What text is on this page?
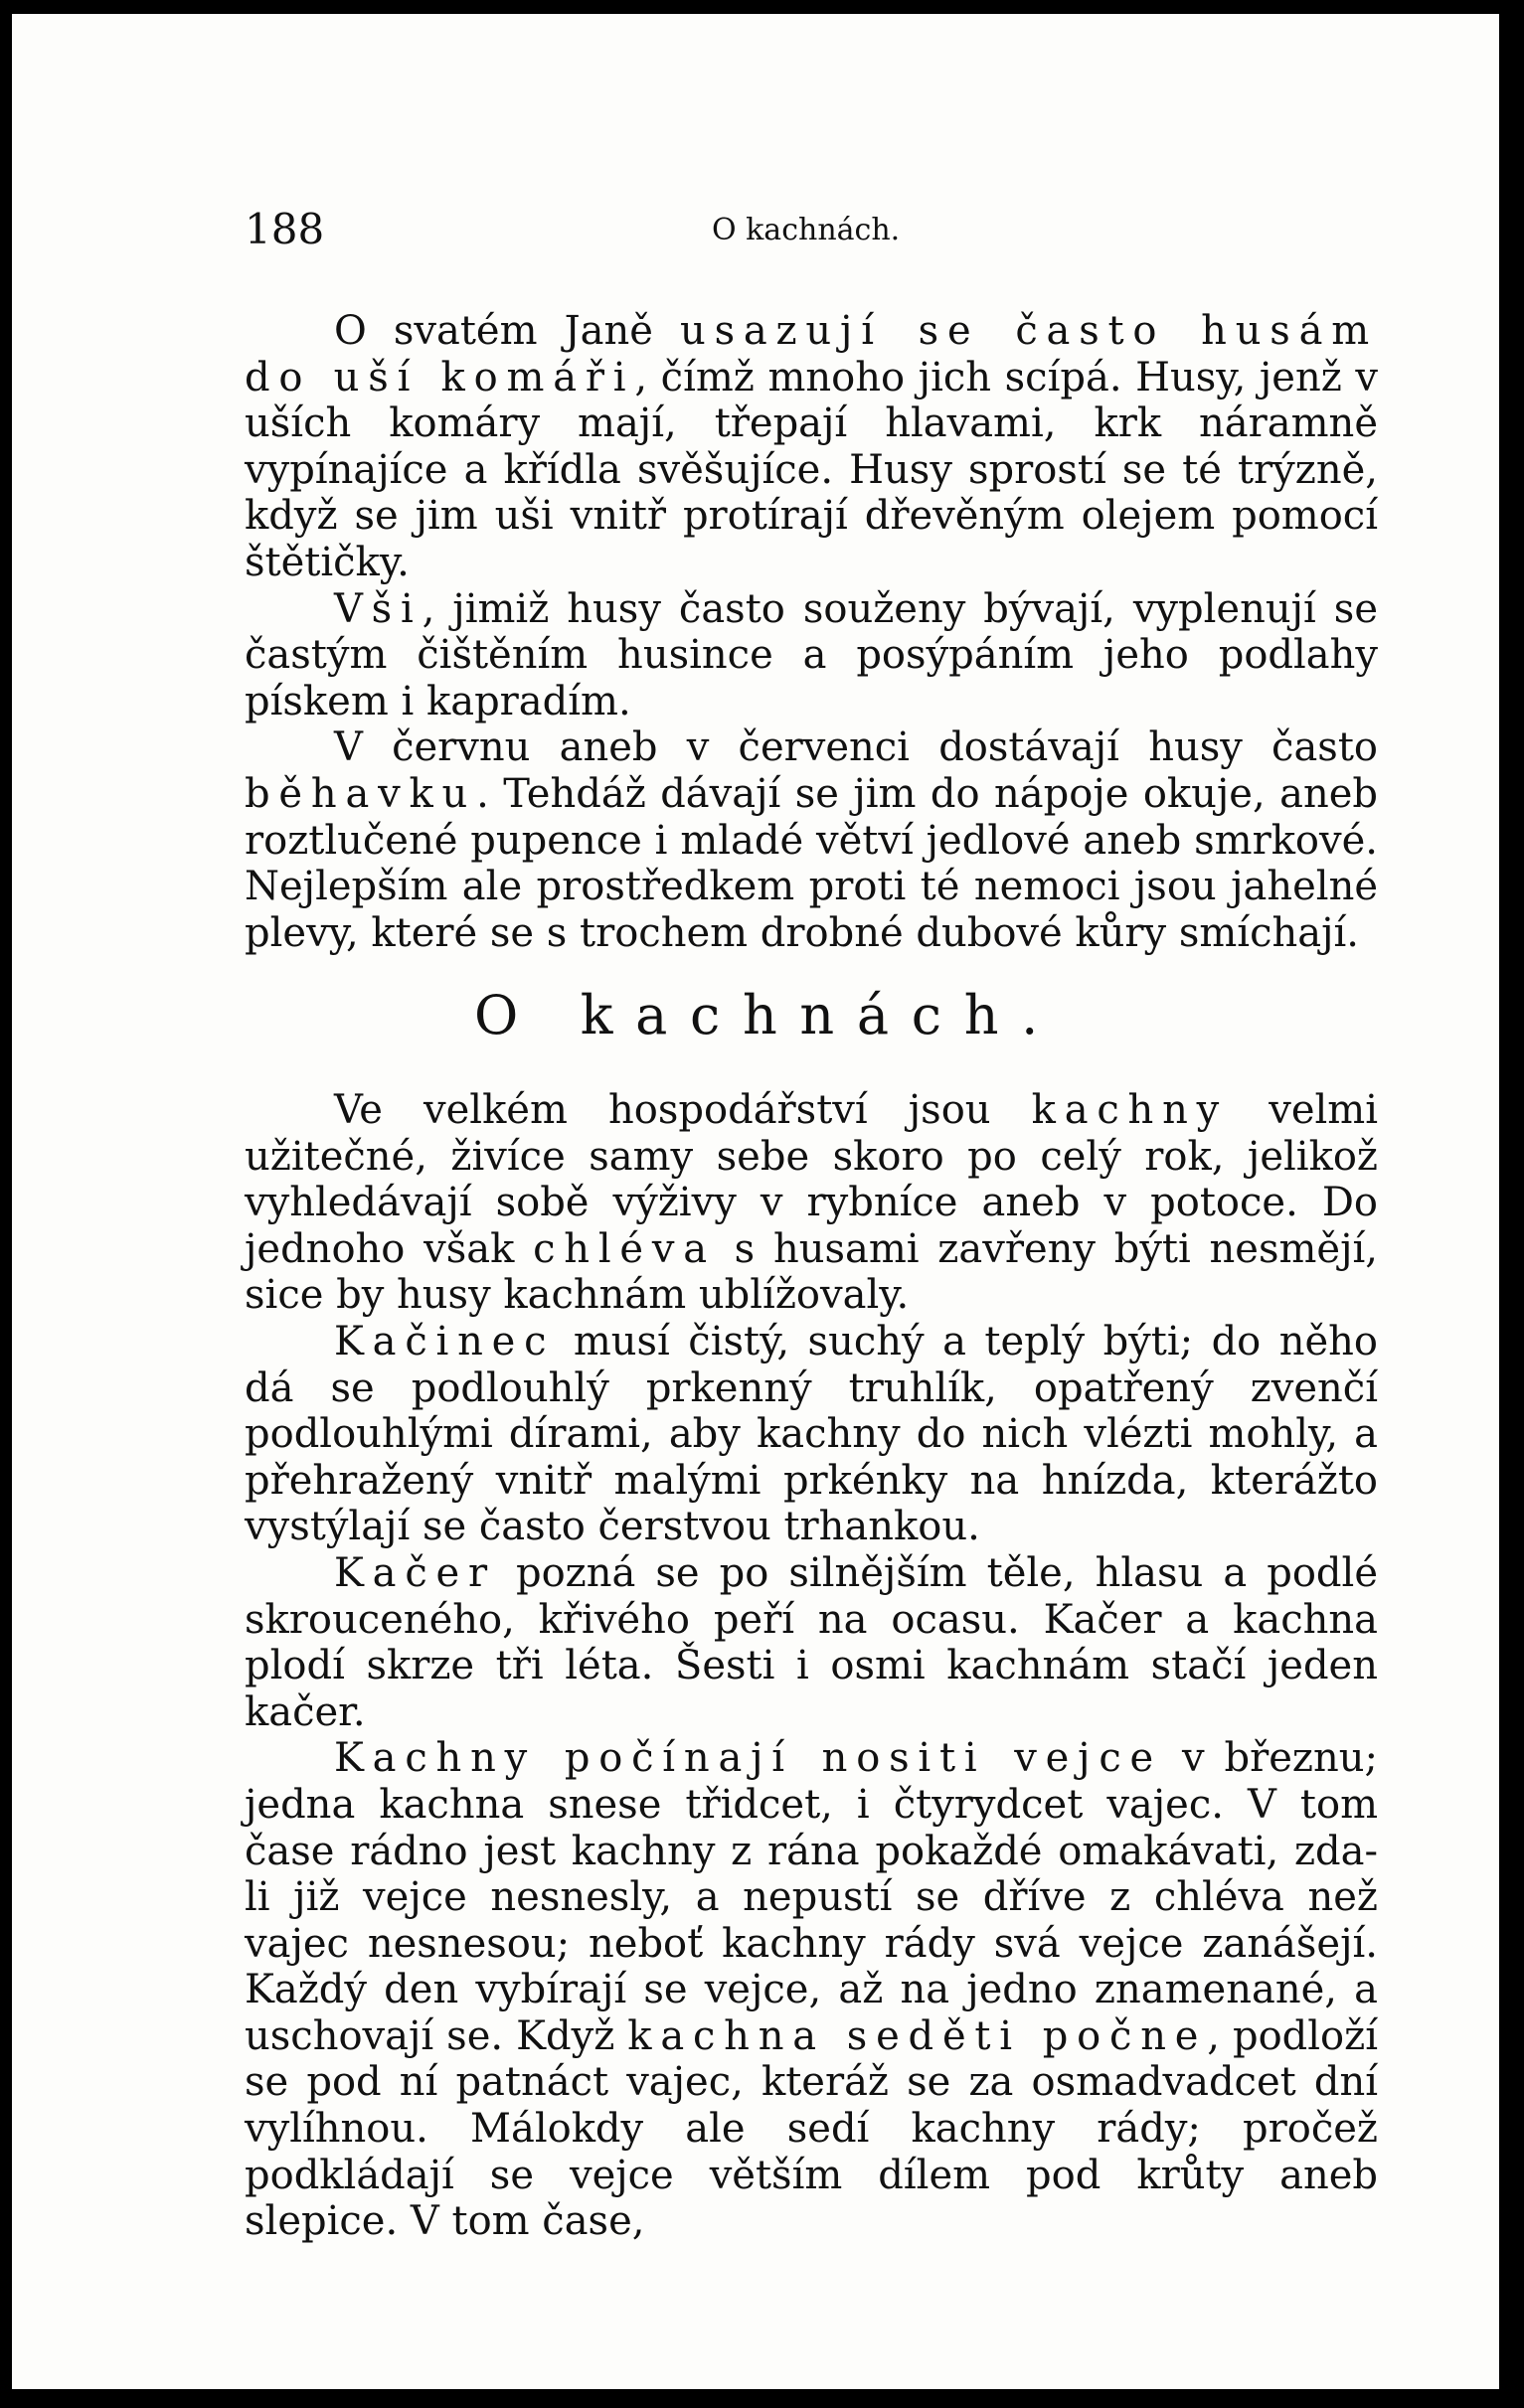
188	O kachnách.

O svatém Janě usazují se často husám do uší komáři, čímž mnoho jich scípá. Husy, jenž v uších komáry mají, třepají hlavami, krk náramně vypínajíce a křídla svěšujíce. Husy sprostí se té trýzně, když se jim uši vnitř protírají dřevěným olejem pomocí štětičky.

Vši, jimiž husy často souženy bývají, vyplenují se častým čištěním husince a posýpáním jeho podlahy pískem i kapradím.

V červnu aneb v červenci dostávají husy často běhavku. Tehdáž dávají se jim do nápoje okuje, aneb roztlučené pupence i mladé větví jedlové aneb smrkové. Nejlepším ale prostředkem proti té nemoci jsou jahelné plevy, které se s trochem drobné dubové kůry smíchají.

O kachnách.

Ve velkém hospodářství jsou kachny velmi užitečné, živíce samy sebe skoro po celý rok, jelikož vyhledávají sobě výživy v rybníce aneb v potoce. Do jednoho však chléva s husami zavřeny býti nesmějí, sice by husy kachnám ublížovaly.

Kačinec musí čistý, suchý a teplý býti; do něho dá se podlouhlý prkenný truhlík, opatřený zvenčí podlouhlými dírami, aby kachny do nich vlézti mohly, a přehražený vnitř malými prkénky na hnízda, kterážto vystýlají se často čerstvou trhankou.

Kačer pozná se po silnějším těle, hlasu a podlé skrouceného, křivého peří na ocasu. Kačer a kachna plodí skrze tři léta. Šesti i osmi kachnám stačí jeden kačer.

Kachny počínají nositi vejce v březnu; jedna kachna snese třidcet, i čtyrydcet vajec. V tom čase rádno jest kachny z rána pokaždé omakávati, zda-li již vejce nesnesly, a nepustí se dříve z chléva než vajec nesnesou; neboť kachny rády svá vejce zanášejí. Každý den vybírají se vejce, až na jedno znamenané, a uschovají se. Když kachna seděti počne, podloží se pod ní patnáct vajec, kteráž se za osmadvadcet dní vylíhnou. Málokdy ale sedí kachny rády; pročež podkládají se vejce větším dílem pod krůty aneb slepice. V tom čase,
